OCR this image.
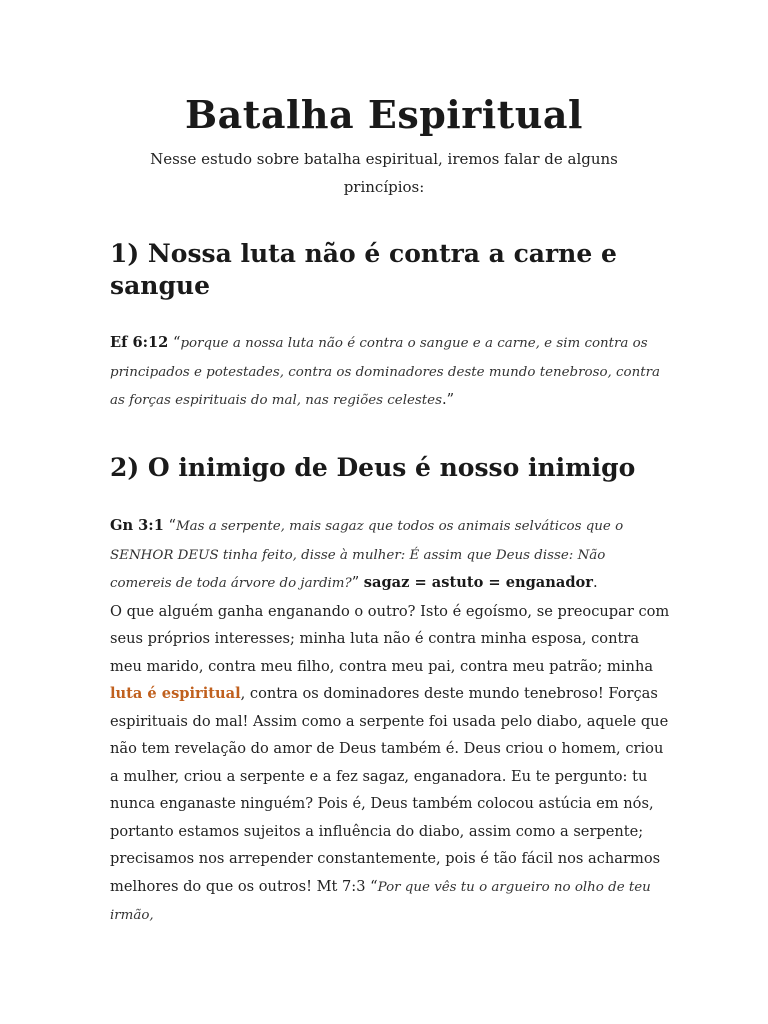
Batalha Espiritual

Nesse estudo sobre batalha espiritual, iremos falar de alguns princípios:

1) Nossa luta não é contra a carne e sangue

Ef 6:12 “porque a nossa luta não é contra o sangue e a carne, e sim contra os principados e potestades, contra os dominadores deste mundo tenebroso, contra as forças espirituais do mal, nas regiões celestes.”

2) O inimigo de Deus é nosso inimigo

Gn 3:1 “Mas a serpente, mais sagaz que todos os animais selváticos que o SENHOR DEUS tinha feito, disse à mulher: É assim que Deus disse: Não comereis de toda árvore do jardim?” sagaz = astuto = enganador.
O que alguém ganha enganando o outro? Isto é egoísmo, se preocupar com seus próprios interesses; minha luta não é contra minha esposa, contra meu marido, contra meu filho, contra meu pai, contra meu patrão; minha luta é espiritual, contra os dominadores deste mundo tenebroso! Forças espirituais do mal! Assim como a serpente foi usada pelo diabo, aquele que não tem revelação do amor de Deus também é. Deus criou o homem, criou a mulher, criou a serpente e a fez sagaz, enganadora. Eu te pergunto: tu nunca enganaste ninguém? Pois é, Deus também colocou astúcia em nós, portanto estamos sujeitos a influência do diabo, assim como a serpente; precisamos nos arrepender constantemente, pois é tão fácil nos acharmos melhores do que os outros! Mt 7:3 “Por que vês tu o argueiro no olho de teu irmão,
